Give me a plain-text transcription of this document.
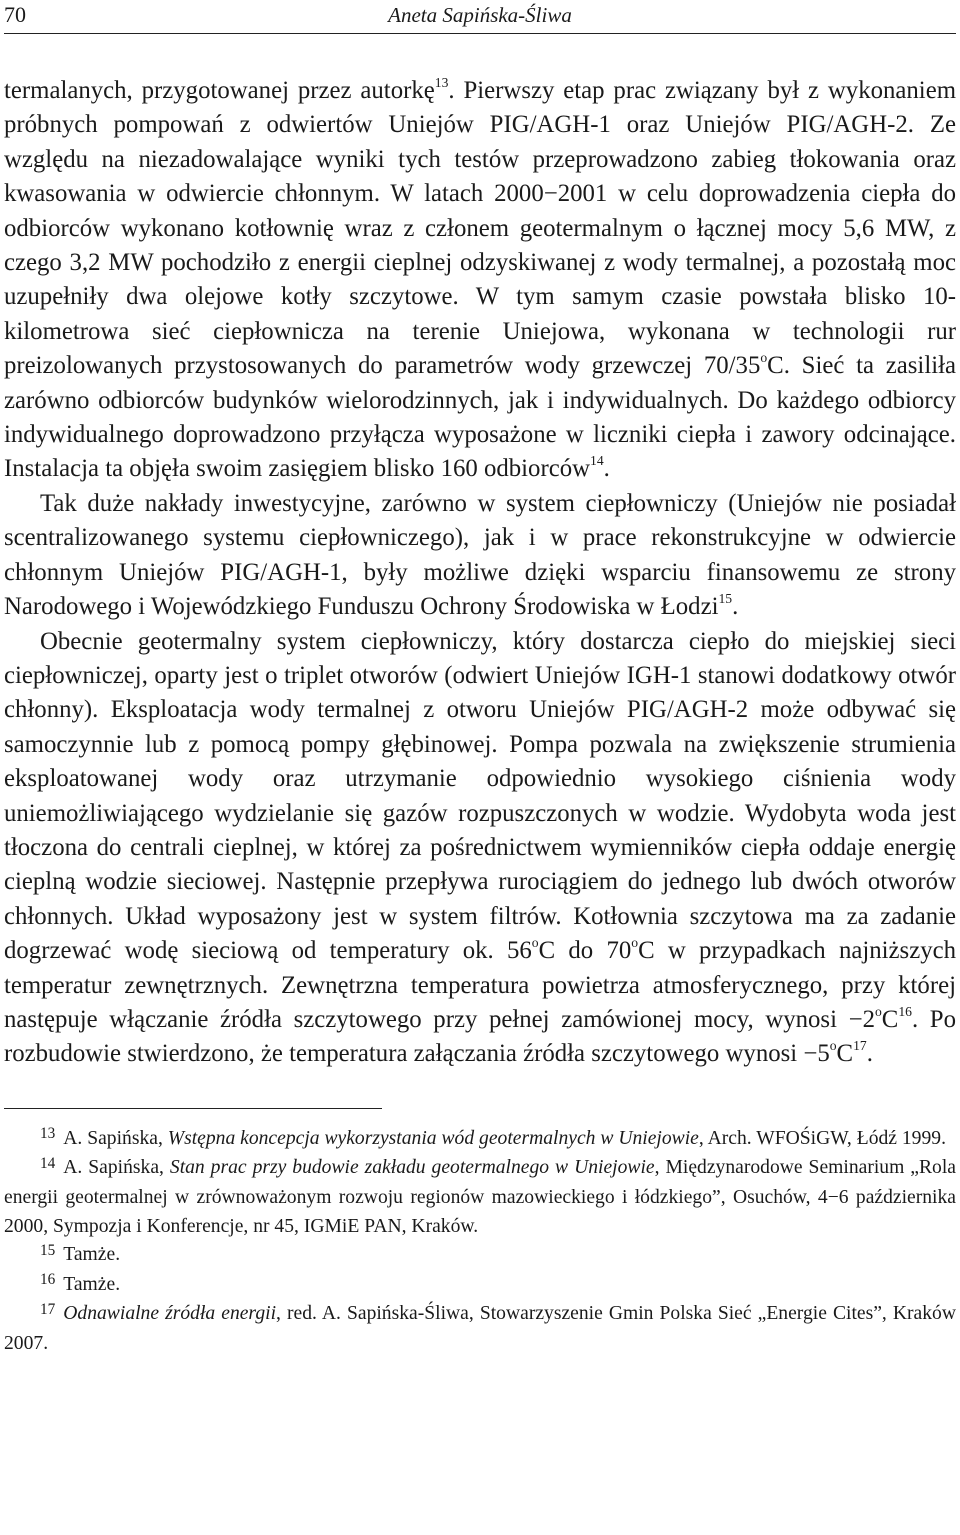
70	Aneta Sapińska-Śliwa

termalanych, przygotowanej przez autorkę$^{13}$. Pierwszy etap prac związany był z wykonaniem próbnych pompowań z odwiertów Uniejów PIG/AGH-1 oraz Uniejów PIG/AGH-2. Ze względu na niezadowalające wyniki tych testów przeprowadzono zabieg tłokowania oraz kwasowania w odwiercie chłonnym. W latach 2000−2001 w celu doprowadzenia ciepła do odbiorców wykonano kotłownię wraz z członem geotermalnym o łącznej mocy 5,6 MW, z czego 3,2 MW pochodziło z energii cieplnej odzyskiwanej z wody termalnej, a pozostałą moc uzupełniły dwa olejowe kotły szczytowe. W tym samym czasie powstała blisko 10-kilometrowa sieć ciepłownicza na terenie Uniejowa, wykonana w technologii rur preizolowanych przystosowanych do parametrów wody grzewczej 70/35$^o$C. Sieć ta zasiliła zarówno odbiorców budynków wielorodzinnych, jak i indywidualnych. Do każdego odbiorcy indywidualnego doprowadzono przyłącza wyposażone w liczniki ciepła i zawory odcinające. Instalacja ta objęła swoim zasięgiem blisko 160 odbiorców$^{14}$.

Tak duże nakłady inwestycyjne, zarówno w system ciepłowniczy (Uniejów nie posiadał scentralizowanego systemu ciepłowniczego), jak i w prace rekonstrukcyjne w odwiercie chłonnym Uniejów PIG/AGH-1, były możliwe dzięki wsparciu finansowemu ze strony Narodowego i Wojewódzkiego Funduszu Ochrony Środowiska w Łodzi$^{15}$.

Obecnie geotermalny system ciepłowniczy, który dostarcza ciepło do miejskiej sieci ciepłowniczej, oparty jest o triplet otworów (odwiert Uniejów IGH-1 stanowi dodatkowy otwór chłonny). Eksploatacja wody termalnej z otworu Uniejów PIG/AGH-2 może odbywać się samoczynnie lub z pomocą pompy głębinowej. Pompa pozwala na zwiększenie strumienia eksploatowanej wody oraz utrzymanie odpowiednio wysokiego ciśnienia wody uniemożliwiającego wydzielanie się gazów rozpuszczonych w wodzie. Wydobyta woda jest tłoczona do centrali cieplnej, w której za pośrednictwem wymienników ciepła oddaje energię cieplną wodzie sieciowej. Następnie przepływa rurociągiem do jednego lub dwóch otworów chłonnych. Układ wyposażony jest w system filtrów. Kotłownia szczytowa ma za zadanie dogrzewać wodę sieciową od temperatury ok. 56$^o$C do 70$^o$C w przypadkach najniższych temperatur zewnętrznych. Zewnętrzna temperatura powietrza atmosferycznego, przy której następuje włączanie źródła szczytowego przy pełnej zamówionej mocy, wynosi $-2^oC^{16}$. Po rozbudowie stwierdzono, że temperatura załączania źródła szczytowego wynosi $-5^oC^{17}$.

$^{13}$ A. Sapińska, Wstępna koncepcja wykorzystania wód geotermalnych w Uniejowie, Arch. WFOŚiGW, Łódź 1999.

$^{14}$ A. Sapińska, Stan prac przy budowie zakładu geotermalnego w Uniejowie, Międzynarodowe Seminarium „Rola energii geotermalnej w zrównoważonym rozwoju regionów mazowieckiego i łódzkiego”, Osuchów, 4−6 października 2000, Sympozja i Konferencje, nr 45, IGMiE PAN, Kraków.

$^{15}$ Tamże.

$^{16}$ Tamże.

$^{17}$ Odnawialne źródła energii, red. A. Sapińska-Śliwa, Stowarzyszenie Gmin Polska Sieć „Energie Cites”, Kraków 2007.
